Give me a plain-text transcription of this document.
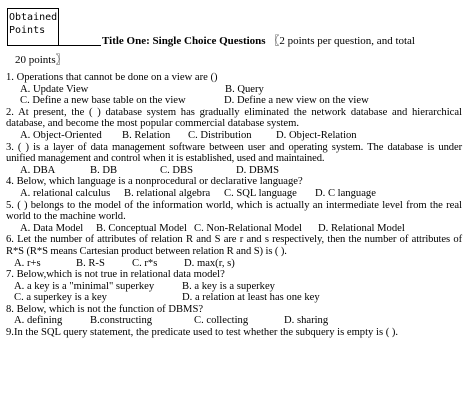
Obtained Points
Title One: Single Choice Questions 〖2 points per question, and total
20 points〗
1. Operations that cannot be done on a view are ()
A. Update View	B. Query
C. Define a new base table on the view	D. Define a new view on the view
2. At present, the ( ) database system has gradually eliminated the network database and hierarchical database, and become the most popular commercial database system.
A. Object-Oriented	B. Relation	C. Distribution	D. Object-Relation
3. ( ) is a layer of data management software between user and operating system. The database is under unified management and control when it is established, used and maintained.
A. DBA	B. DB	C. DBS	D. DBMS
4. Below, which language is a nonprocedural or declarative language?
A. relational calculus	B. relational algebra	C. SQL language	D. C language
5. ( ) belongs to the model of the information world, which is actually an intermediate level from the real world to the machine world.
A. Data Model	B. Conceptual Model C. Non-Relational Model	D. Relational Model
6. Let the number of attributes of relation R and S are r and s respectively, then the number of attributes of R*S (R*S means Cartesian product between relation R and S) is ( ).
A. r+s	B. R-S	C. r*s	D. max(r, s)
7. Below,which is not true in relational data model?
A. a key is a "minimal" superkey	B. a key is a superkey
C. a superkey is a key	D. a relation at least has one key
8. Below, which is not the function of DBMS?
A. defining	B.constructing	C. collecting	D. sharing
9.In the SQL query statement, the predicate used to test whether the subquery is empty is ( ).
